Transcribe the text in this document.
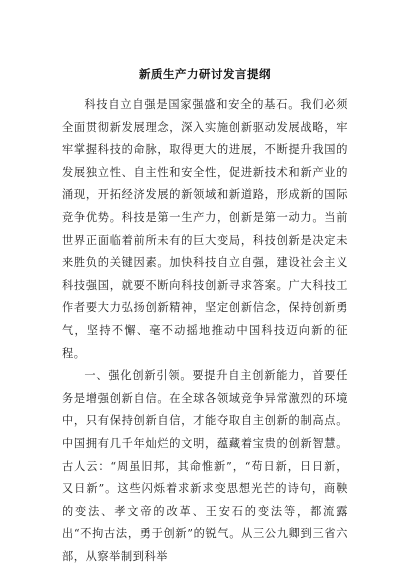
新质生产力研讨发言提纲

科技自立自强是国家强盛和安全的基石。我们必须全面贯彻新发展理念，深入实施创新驱动发展战略，牢牢掌握科技的命脉，取得更大的进展，不断提升我国的发展独立性、自主性和安全性，促进新技术和新产业的涌现，开拓经济发展的新领域和新道路，形成新的国际竞争优势。科技是第一生产力，创新是第一动力。当前世界正面临着前所未有的巨大变局，科技创新是决定未来胜负的关键因素。加快科技自立自强，建设社会主义科技强国，就要不断向科技创新寻求答案。广大科技工作者要大力弘扬创新精神，坚定创新信念，保持创新勇气，坚持不懈、毫不动摇地推动中国科技迈向新的征程。

一、强化创新引领。要提升自主创新能力，首要任务是增强创新自信。在全球各领域竞争异常激烈的环境中，只有保持创新自信，才能夺取自主创新的制高点。中国拥有几千年灿烂的文明，蕴藏着宝贵的创新智慧。古人云：“周虽旧邦，其命惟新”，“苟日新，日日新，又日新”。这些闪烁着求新求变思想光芒的诗句，商鞅的变法、孝文帝的改革、王安石的变法等，都流露出“不拘古法，勇于创新”的锐气。从三公九卿到三省六部，从察举制到科举
